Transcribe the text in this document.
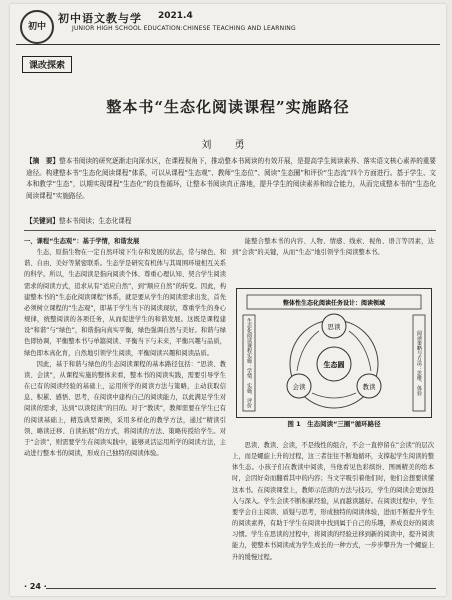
初中
初中语文教与学 2021.4
JUNIOR HIGH SCHOOL EDUCATION:CHINESE TEACHING AND LEARNING
课改探索
整本书“生态化阅读课程”实施路径
刘 勇
【摘　要】整本书阅读的研究逐渐走向深水区，在课程视角下，推动整本书阅读的有效开展，是提高学生阅读素养、落实语文核心素养的重要途径。构建整本书“生态化阅读课程”体系，可以从课程“生态观”、教师“生态位”、阅读“生态圈”和评价“生态流”四个方面进行。基于学生、文本和教学“生态”，以期实现课程“生态化”的良性循环，让整本书阅读真正落地，提升学生的阅读素养和综合能力，从而完成整本书的“生态化阅读课程”实施路径。
【关键词】整本书阅读；生态化课程

一、课程“生态观”：基于学情，和谐发展

生态，原指生物在一定自然环境下生存和发展的状态，常与绿色、和谐、自由、美好等紧密联系。生态学是研究有机体与其周围环境相互关系的科学。所以，生态阅读是指向阅读个体、尊重心理认知、契合学生阅读需求的阅读方式，追求从有“适应自然”，到“顺应自然”的转变。因此，构建整本书的“生态化阅读课程”体系，就是要从学生的阅读需求出发，首先必须树立课程的“生态观”，即基于学生当下的阅读现状，尊重学生的身心规律，统整阅读的各项任务，从而促进学生的和谐发展。这既是课程建设“和谐”与“绿色”，和谐指向真实平衡，绿色强调自然与美好。和谐与绿色即协调，平衡整本书与单篇阅读、平衡当下与未来，平衡兴趣与品质，绿色即本真化育，自然地引领学生阅读，平衡阅读兴趣和阅读品质。

因此，基于和谐与绿色的生态阅读课程的基本路径包括：“思读、教读、会读”，从课程实施的整体来看，整本书的阅读实践，需要引导学生在已有的阅读经验的基础上，运用所学的阅读方法与策略，主动获取信息、积累、感悟、思考，在阅读中建构自己的阅读能力，以此满足学生对阅读的需求，达到“以读促读”的目的。对于“教读”，教师需要在学生已有的阅读基础上，精选典型课例，采用多样化的教学方法，通过“精读引领、略读迁移、自读拓展”的方式，将阅读的方法、策略传授给学生。对于“会读”，则需要学生在阅读实践中，能够灵活运用所学的阅读方法，主动进行整本书的阅读，形成自己独特的阅读体验。

能整合整本书的内容、人物、情感、线索、视角、语言等因素，达到“会读”的关键，从而“生态”地引领学生阅读整本书。

整体性生态化阅读任务设计：阅读领域
生态化阅读课程实施：学情、实施、评价	阅读策略与方法：思维、体验
生态圆
思读
会读	教读
图 1　生态阅读“三圈”循环路径

思读、教读、会读，不是线性的组合，不会一直停留在“会读”的层次上，而是螺旋上升的过程，这三者往往不断地循环，支撑起学生阅读的整体生态。小孩子们在教读中阅读，当他看见色彩缤纷、图画精美的绘本时，会因好奇而翻看其中的内容；当文字吸引着他们时，他们会想要读懂这本书。在阅读课堂上，教师示范读的方法与技巧，学生的阅读会更加投入与深入。学生会读不断积累经验，从而越读越好。在阅读过程中，学生要学会自主阅读、质疑与思考，形成独特的阅读体验，进而不断提升学生的阅读素养，有助于学生在阅读中找到属于自己的乐趣，养成良好的阅读习惯。学生在思读的过程中，将阅读的经验迁移到新的阅读中，提升阅读能力，使整本书阅读成为学生成长的一种方式，一步步攀升为一个螺旋上升的缓慢过程。

· 24 ·
